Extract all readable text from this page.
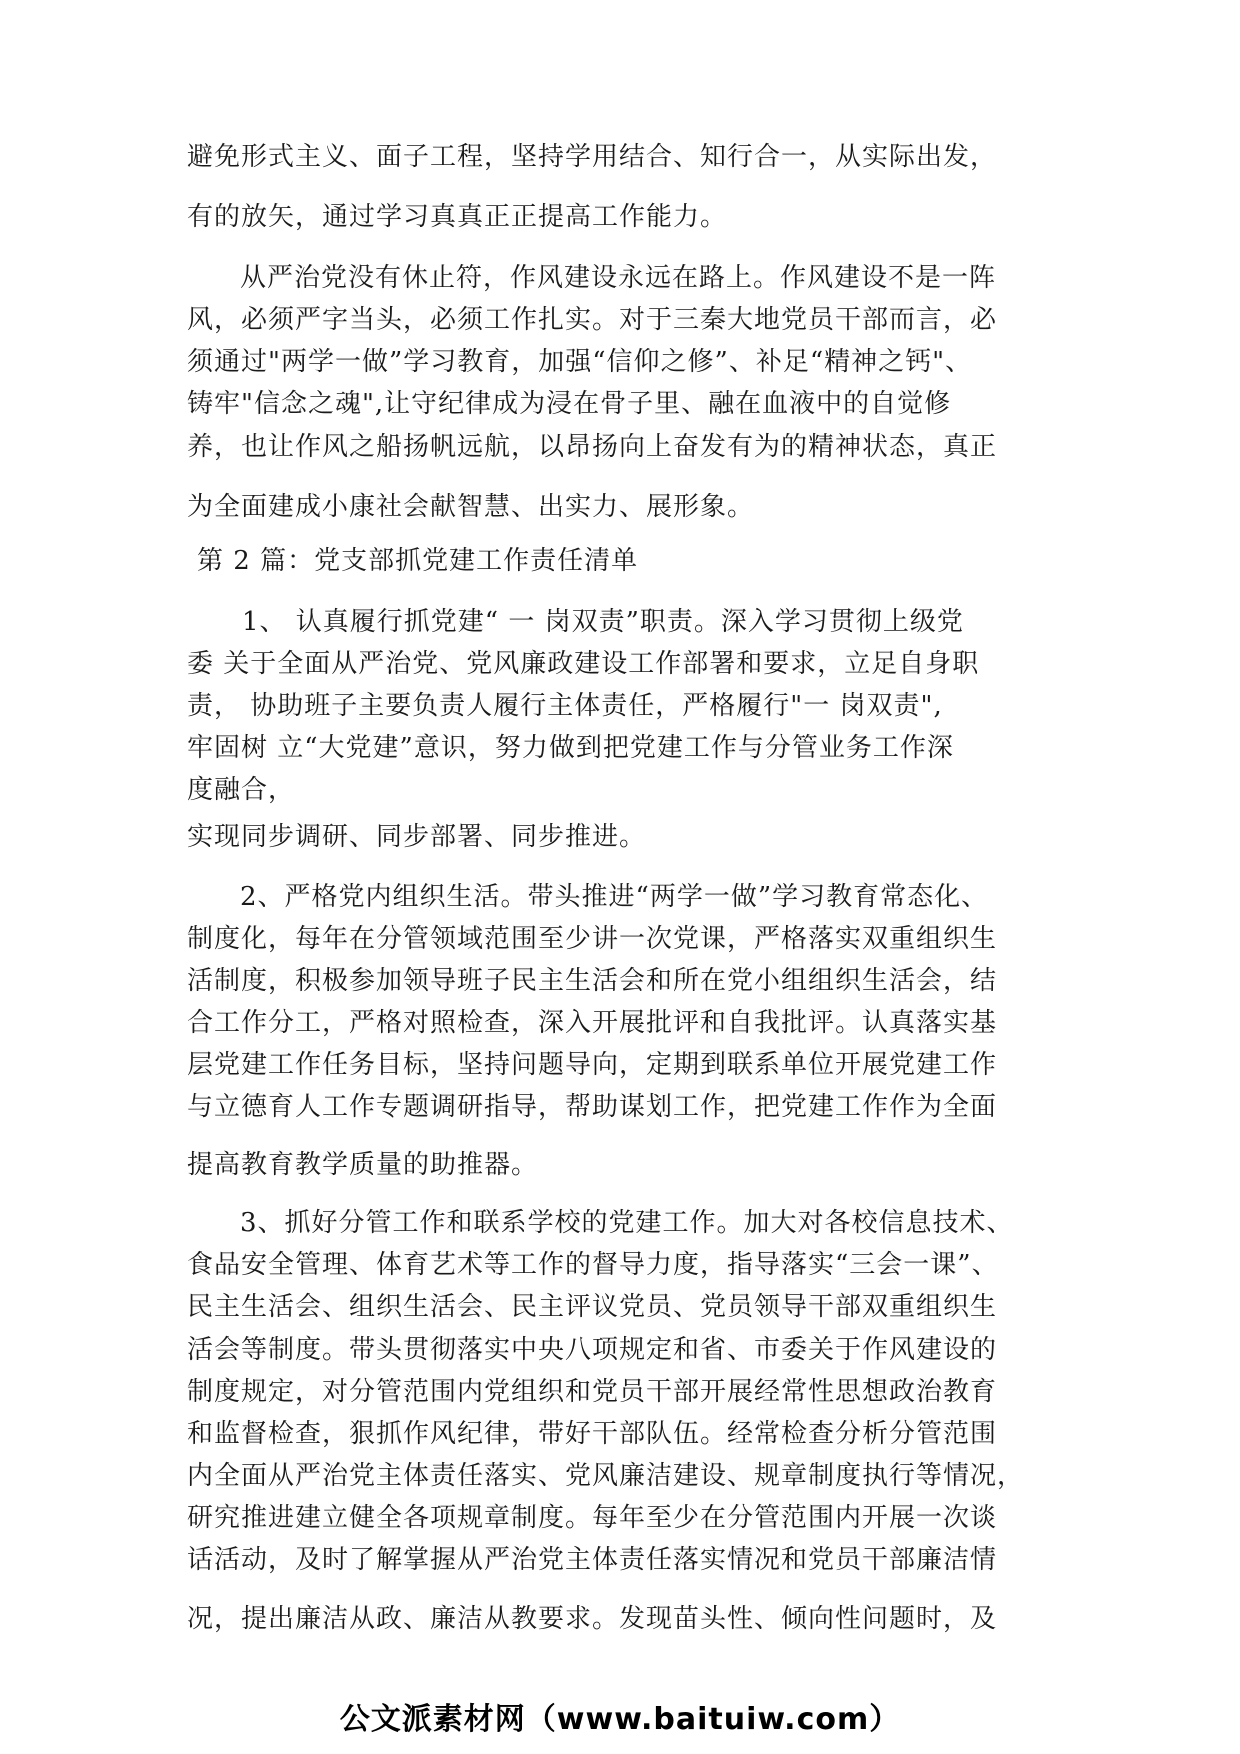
避免形式主义、面子工程，坚持学用结合、知行合一，从实际出发，

有的放矢，通过学习真真正正提高工作能力。

从严治党没有休止符，作风建设永远在路上。作风建设不是一阵

风，必须严字当头，必须工作扎实。对于三秦大地党员干部而言，必

须通过"两学一做”学习教育，加强“信仰之修”、补足“精神之钙"、

铸牢"信念之魂",让守纪律成为浸在骨子里、融在血液中的自觉修

养，也让作风之船扬帆远航，以昂扬向上奋发有为的精神状态，真正

为全面建成小康社会献智慧、出实力、展形象。

第 2 篇：党支部抓党建工作责任清单

1、 认真履行抓党建“ 一 岗双责”职责。深入学习贯彻上级党

委 关于全面从严治党、党风廉政建设工作部署和要求，立足自身职

责， 协助班子主要负责人履行主体责任，严格履行"一 岗双责",

牢固树 立“大党建”意识，努力做到把党建工作与分管业务工作深

度融合，

实现同步调研、同步部署、同步推进。

2、严格党内组织生活。带头推进“两学一做”学习教育常态化、

制度化，每年在分管领域范围至少讲一次党课，严格落实双重组织生

活制度，积极参加领导班子民主生活会和所在党小组组织生活会，结

合工作分工，严格对照检查，深入开展批评和自我批评。认真落实基

层党建工作任务目标，坚持问题导向，定期到联系单位开展党建工作

与立德育人工作专题调研指导，帮助谋划工作，把党建工作作为全面

提高教育教学质量的助推器。

3、抓好分管工作和联系学校的党建工作。加大对各校信息技术、

食品安全管理、体育艺术等工作的督导力度，指导落实“三会一课”、

民主生活会、组织生活会、民主评议党员、党员领导干部双重组织生

活会等制度。带头贯彻落实中央八项规定和省、市委关于作风建设的

制度规定，对分管范围内党组织和党员干部开展经常性思想政治教育

和监督检查，狠抓作风纪律，带好干部队伍。经常检查分析分管范围

内全面从严治党主体责任落实、党风廉洁建设、规章制度执行等情况，

研究推进建立健全各项规章制度。每年至少在分管范围内开展一次谈

话活动，及时了解掌握从严治党主体责任落实情况和党员干部廉洁情

况，提出廉洁从政、廉洁从教要求。发现苗头性、倾向性问题时，及

公文派素材网（www.baituiw.com）
